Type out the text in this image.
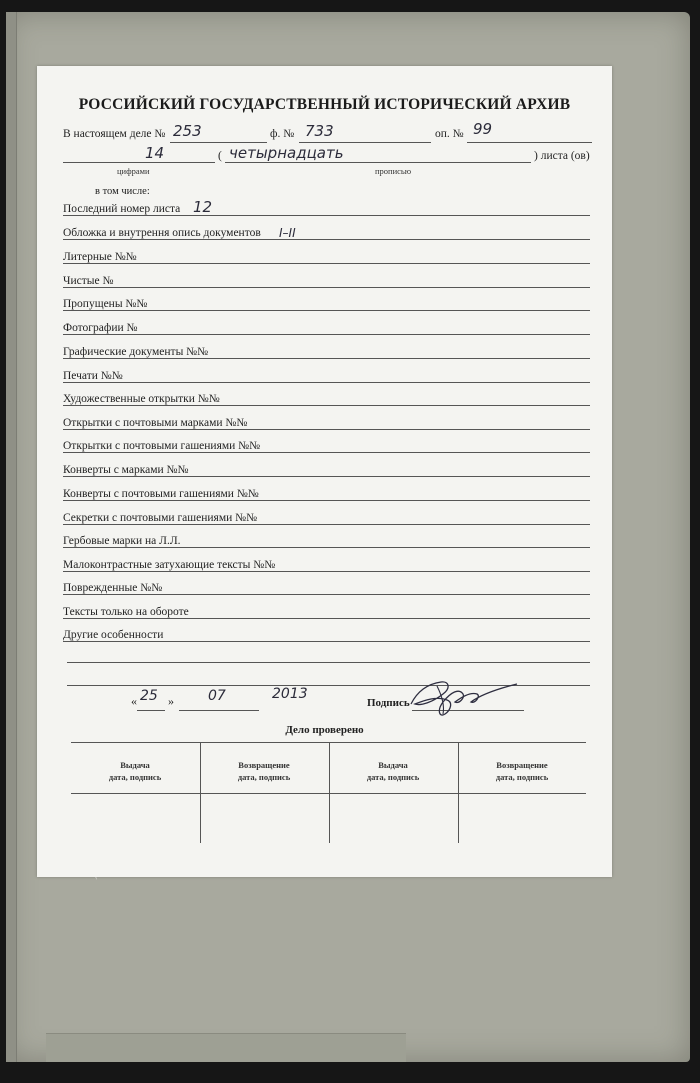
РОССИЙСКИЙ ГОСУДАРСТВЕННЫЙ ИСТОРИЧЕСКИЙ АРХИВ
В настоящем деле № 253	ф. № 733	оп. № 99
14	( четырнадцать	) листа (ов)
цифрами	прописью
в том числе:
Последний номер листа 12
Обложка и внутрення опись документов I–II
Литерные №№
Чистые №
Пропущены №№
Фотографии №
Графические документы №№
Печати №№
Художественные открытки №№
Открытки с почтовыми марками №№
Открытки с почтовыми гашениями №№
Конверты с марками №№
Конверты с почтовыми гашениями №№
Секретки с почтовыми гашениями №№
Гербовые марки на Л.Л.
Малоконтрастные затухающие тексты №№
Поврежденные №№
Тексты только на обороте
Другие особенности
« 25 » 07	2013
Подпись
Дело проверено
Выдача
дата, подпись
Возвращение
дата, подпись
Выдача
дата, подпись
Возвращение
дата, подпись
